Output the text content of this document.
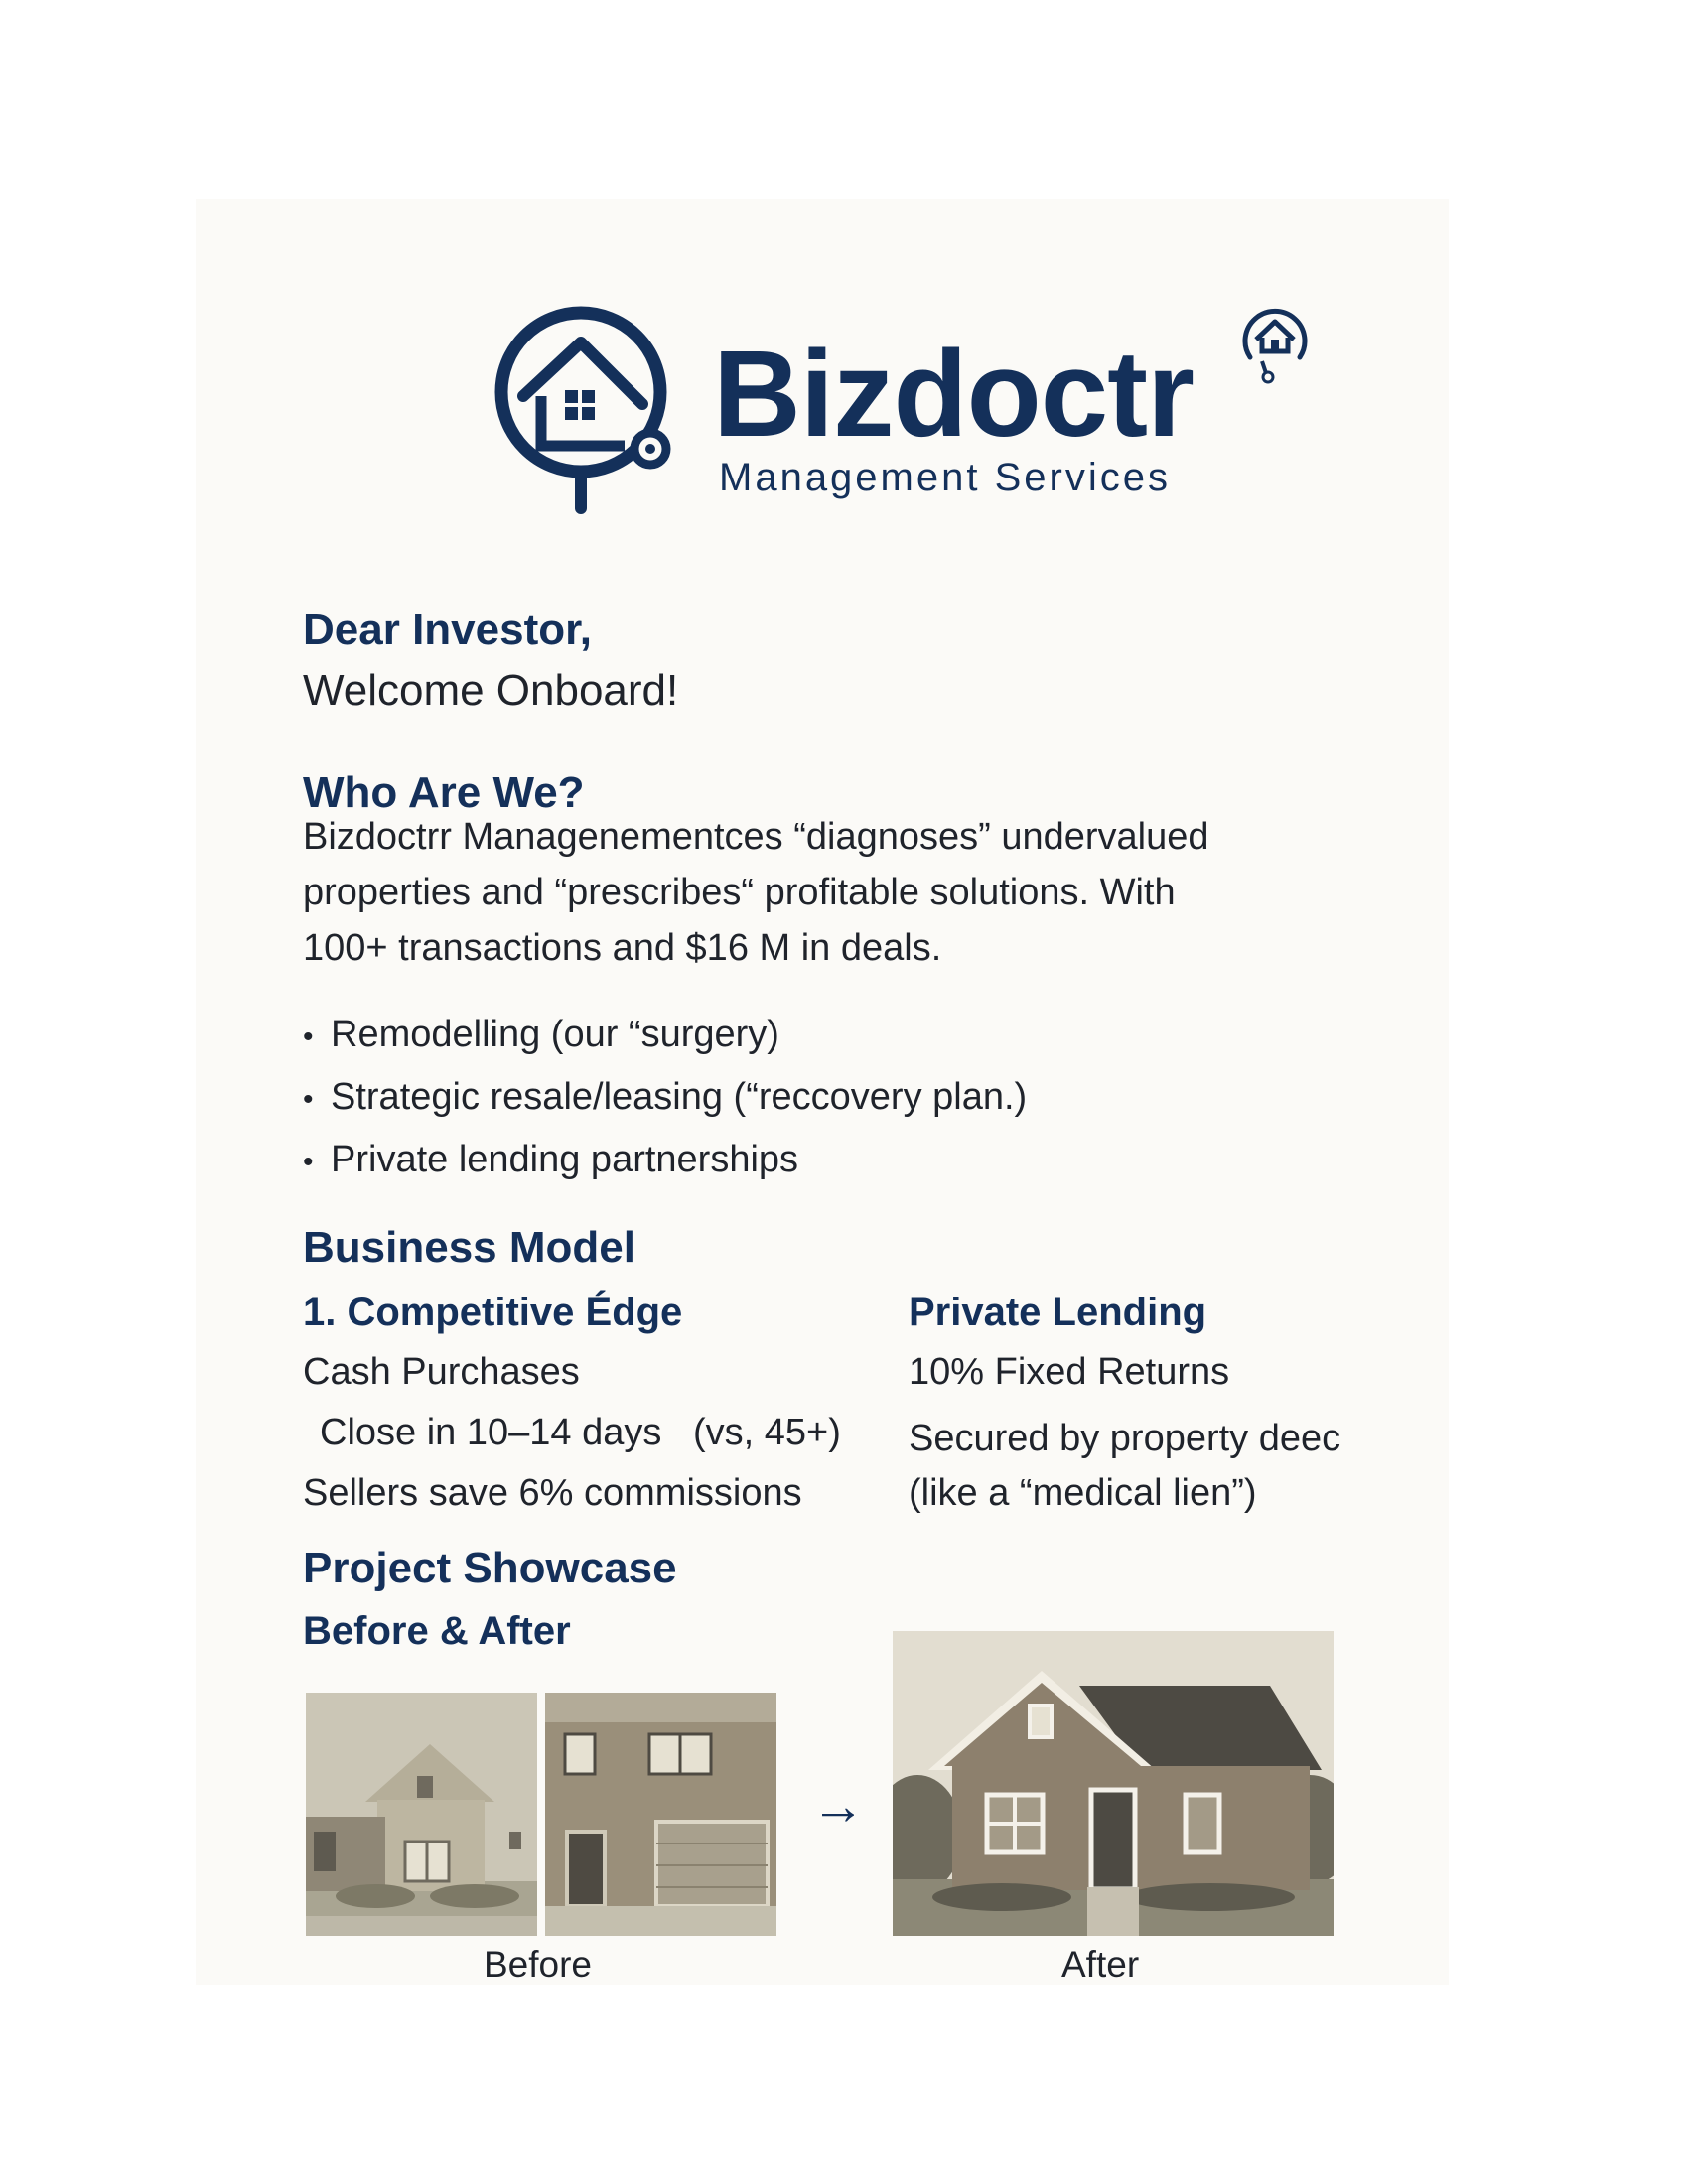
Bizdoctr
Management Services
Dear Investor,
Welcome Onboard!
Who Are We?
Bizdoctrr Managenementces “diagnoses” undervalued
properties and “prescribes“ profitable solutions. With
100+ transactions and $16 M in deals.
• Remodelling (our “surgery)
• Strategic resale/leasing (“reccovery plan.)
• Private lending partnerships
Business Model
1. Competitive Édge
Cash Purchases
Close in 10–14 days   (vs, 45+)
Sellers save 6% commissions
Private Lending
10% Fixed Returns
Secured by property deec
(like a “medical lien”)
Project Showcase
Before & After
→
Before	After
